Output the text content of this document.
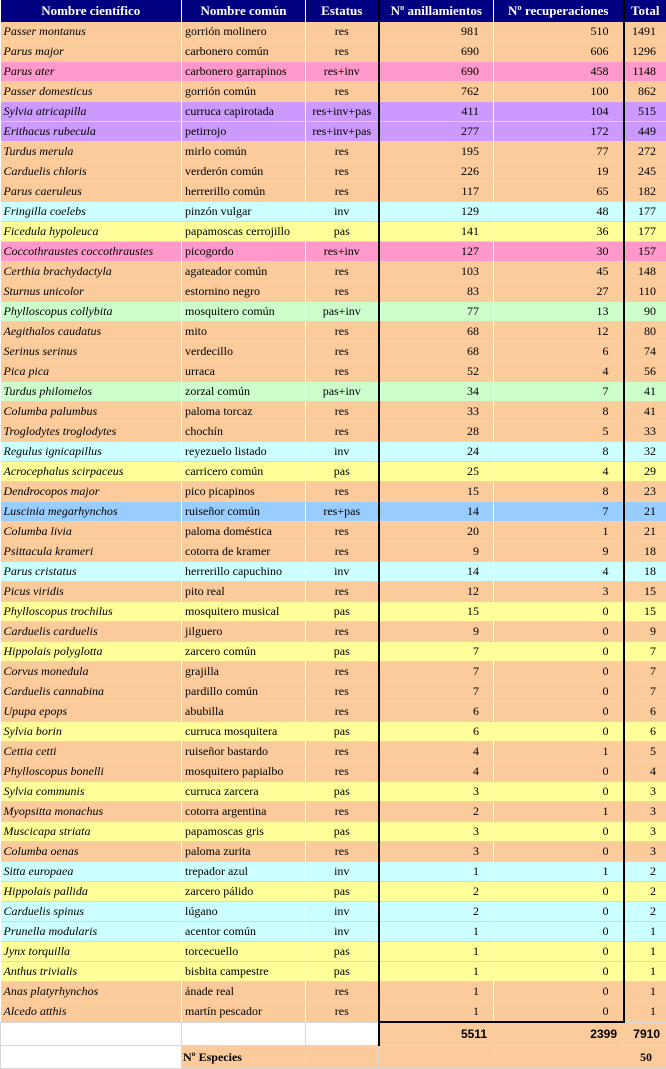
Nombre científico	Nombre común	Estatus	Nº anillamientos	Nº recuperaciones	Total
Passer montanus	gorrión molinero	res	981	510	1491
Parus major	carbonero común	res	690	606	1296
Parus ater	carbonero garrapinos	res+inv	690	458	1148
Passer domesticus	gorrión común	res	762	100	862
Sylvia atricapilla	curruca capirotada	res+inv+pas	411	104	515
Erithacus rubecula	petirrojo	res+inv+pas	277	172	449
Turdus merula	mirlo común	res	195	77	272
Carduelis chloris	verderón común	res	226	19	245
Parus caeruleus	herrerillo común	res	117	65	182
Fringilla coelebs	pinzón vulgar	inv	129	48	177
Ficedula hypoleuca	papamoscas cerrojillo	pas	141	36	177
Coccothraustes coccothraustes	picogordo	res+inv	127	30	157
Certhia brachydactyla	agateador común	res	103	45	148
Sturnus unicolor	estornino negro	res	83	27	110
Phylloscopus collybita	mosquitero común	pas+inv	77	13	90
Aegithalos caudatus	mito	res	68	12	80
Serinus serinus	verdecillo	res	68	6	74
Pica pica	urraca	res	52	4	56
Turdus philomelos	zorzal común	pas+inv	34	7	41
Columba palumbus	paloma torcaz	res	33	8	41
Troglodytes troglodytes	chochín	res	28	5	33
Regulus ignicapillus	reyezuelo listado	inv	24	8	32
Acrocephalus scirpaceus	carricero común	pas	25	4	29
Dendrocopos major	pico picapinos	res	15	8	23
Luscinia megarhynchos	ruiseñor común	res+pas	14	7	21
Columba livia	paloma doméstica	res	20	1	21
Psittacula krameri	cotorra de kramer	res	9	9	18
Parus cristatus	herrerillo capuchino	inv	14	4	18
Picus viridis	pito real	res	12	3	15
Phylloscopus trochilus	mosquitero musical	pas	15	0	15
Carduelis carduelis	jilguero	res	9	0	9
Hippolais polyglotta	zarcero común	pas	7	0	7
Corvus monedula	grajilla	res	7	0	7
Carduelis cannabina	pardillo común	res	7	0	7
Upupa epops	abubilla	res	6	0	6
Sylvia borin	curruca mosquitera	pas	6	0	6
Cettia cetti	ruiseñor bastardo	res	4	1	5
Phylloscopus bonelli	mosquitero papialbo	res	4	0	4
Sylvia communis	curruca zarcera	pas	3	0	3
Myopsitta monachus	cotorra argentina	res	2	1	3
Muscicapa striata	papamoscas gris	pas	3	0	3
Columba oenas	paloma zurita	res	3	0	3
Sitta europaea	trepador azul	inv	1	1	2
Hippolais pallida	zarcero pálido	pas	2	0	2
Carduelis spinus	lúgano	inv	2	0	2
Prunella modularis	acentor común	inv	1	0	1
Jynx torquilla	torcecuello	pas	1	0	1
Anthus trivialis	bisbita campestre	pas	1	0	1
Anas platyrhynchos	ánade real	res	1	0	1
Alcedo atthis	martín pescador	res	1	0	1
			5511	2399	7910
	Nº Especies				50
